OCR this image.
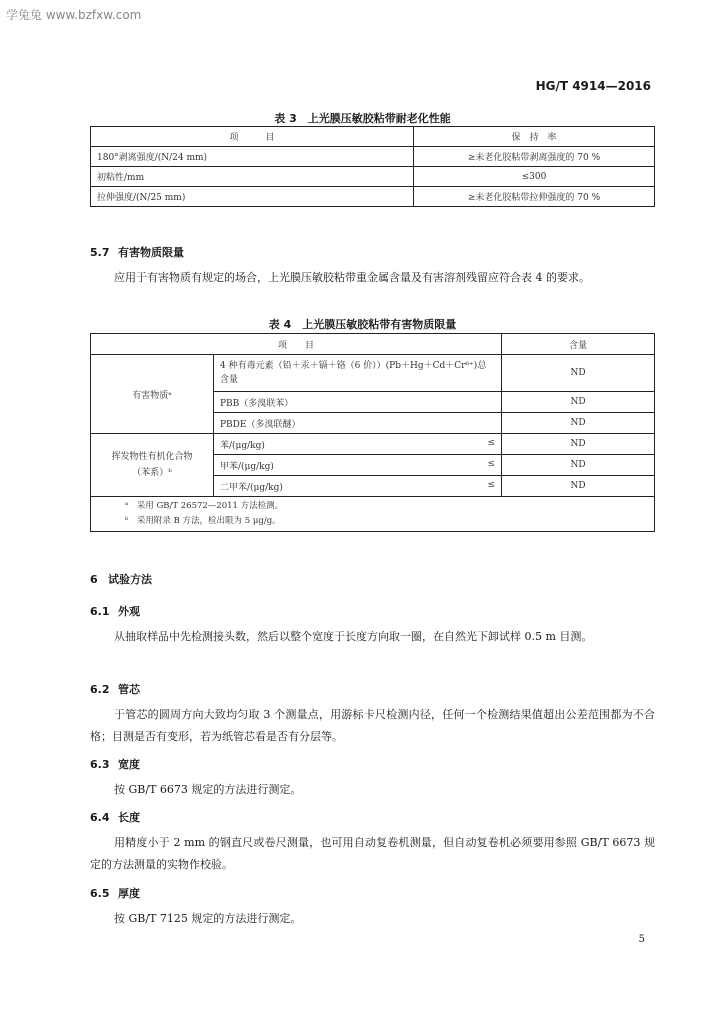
学兔兔 www.bzfxw.com
HG/T 4914—2016
表 3　上光膜压敏胶粘带耐老化性能
项　　　目	保　持　率
180°剥离强度/(N/24 mm)	≥未老化胶粘带剥离强度的 70 %
初粘性/mm	≤300
拉伸强度/(N/25 mm)	≥未老化胶粘带拉伸强度的 70 %
5.7 有害物质限量
应用于有害物质有规定的场合，上光膜压敏胶粘带重金属含量及有害溶剂残留应符合表 4 的要求。
表 4　上光膜压敏胶粘带有害物质限量
项　　目		含量
有害物质ᵃ	4 种有毒元素（铅＋汞＋镉＋铬（6 价））(Pb＋Hg＋Cd＋Cr⁶⁺)总含量	ND
	PBB（多溴联苯）	ND
	PBDE（多溴联醚）	ND
挥发物性有机化合物
（苯系）ᵇ	苯/(μg/kg) ≤	ND
	甲苯/(μg/kg) ≤	ND
	二甲苯/(μg/kg) ≤	ND

ᵃ　采用 GB/T 26572—2011 方法检测。
ᵇ　采用附录 B 方法，检出限为 5 μg/g。		
6 试验方法
6.1 外观
从抽取样品中先检测接头数，然后以整个宽度于长度方向取一圈，在自然光下卸试样 0.5 m 目测。
6.2 管芯
于管芯的圆周方向大致均匀取 3 个测量点，用游标卡尺检测内径，任何一个检测结果值超出公差范围都为不合格；目测是否有变形，若为纸管芯看是否有分层等。
6.3 宽度
按 GB/T 6673 规定的方法进行测定。
6.4 长度
用精度小于 2 mm 的钢直尺或卷尺测量，也可用自动复卷机测量，但自动复卷机必须要用参照 GB/T 6673 规定的方法测量的实物作校验。
6.5 厚度
按 GB/T 7125 规定的方法进行测定。
5
